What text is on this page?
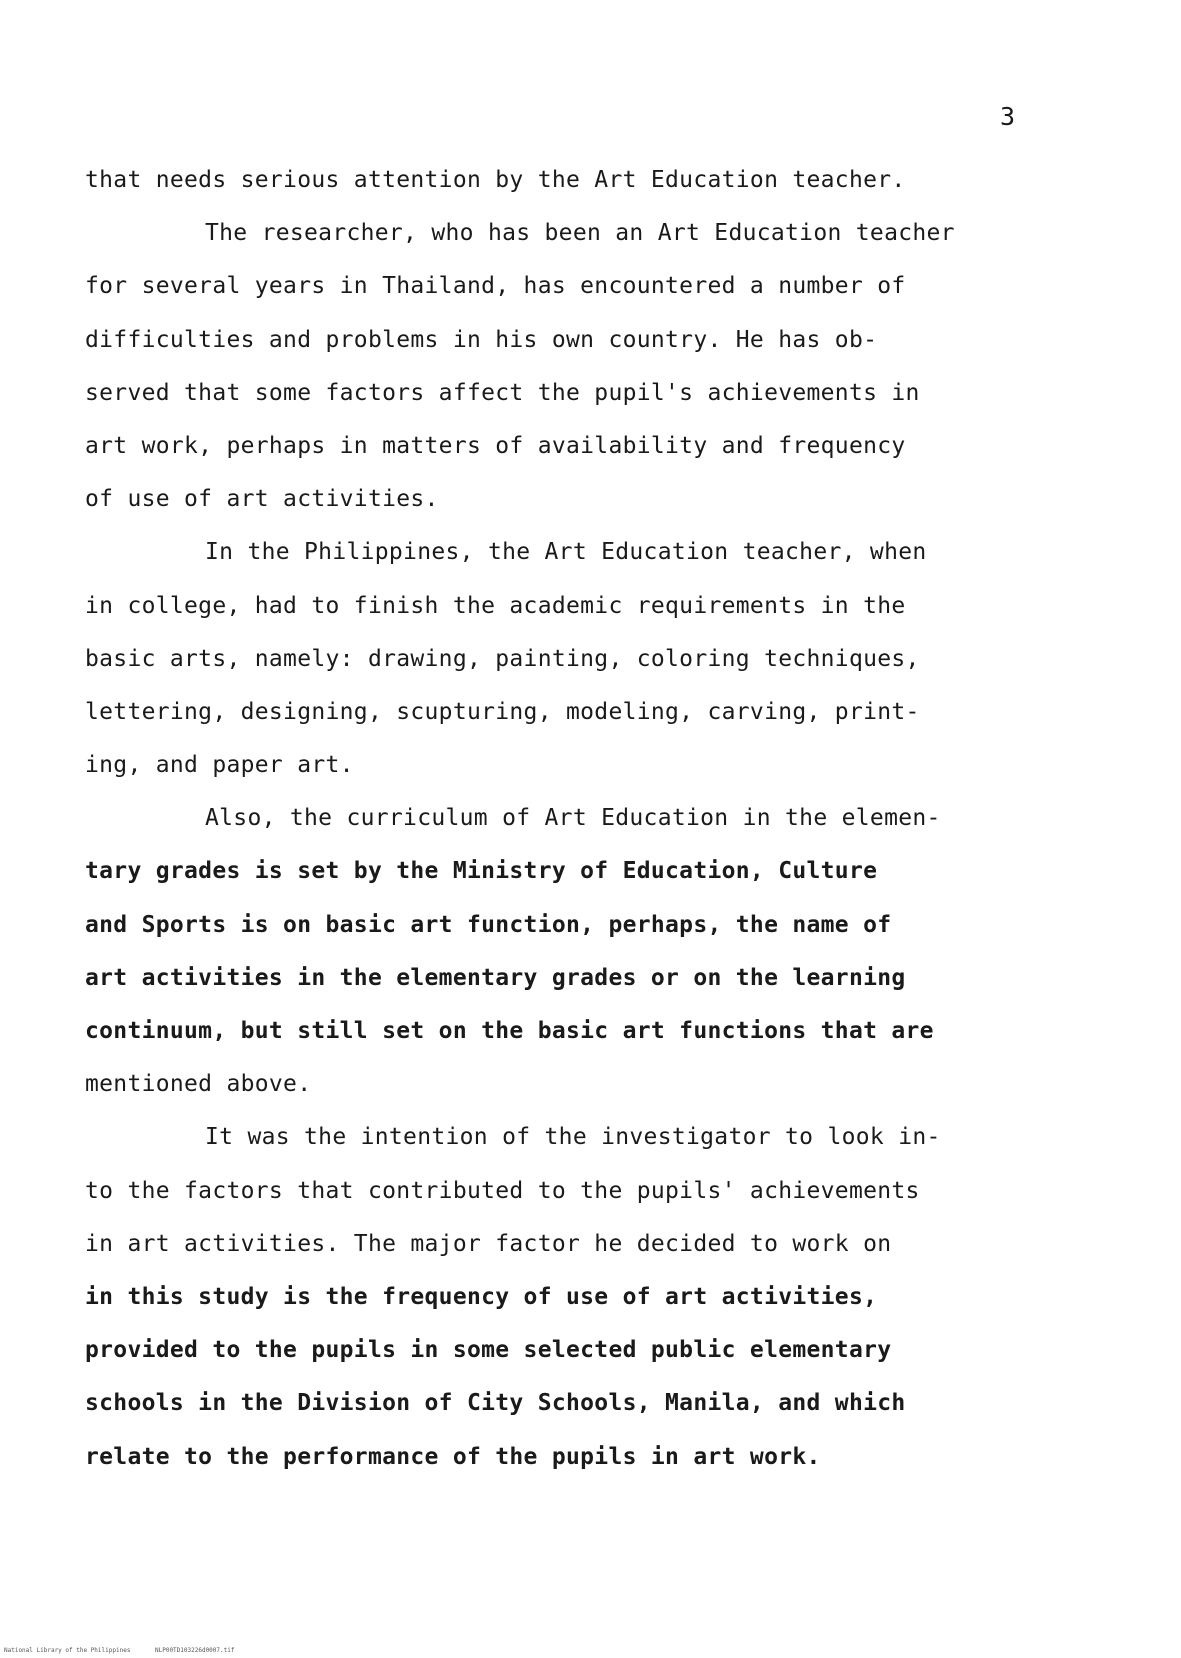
3
that needs serious attention by the Art Education teacher.
The researcher, who has been an Art Education teacher
for several years in Thailand, has encountered a number of
difficulties and problems in his own country. He has ob-
served that some factors affect the pupil's achievements in
art work, perhaps in matters of availability and frequency
of use of art activities.
In the Philippines, the Art Education teacher, when
in college, had to finish the academic requirements in the
basic arts, namely: drawing, painting, coloring techniques,
lettering, designing, scupturing, modeling, carving, print-
ing, and paper art.
Also, the curriculum of Art Education in the elemen-
tary grades is set by the Ministry of Education, Culture
and Sports is on basic art function, perhaps, the name of
art activities in the elementary grades or on the learning
continuum, but still set on the basic art functions that are
mentioned above.
It was the intention of the investigator to look in-
to the factors that contributed to the pupils' achievements
in art activities. The major factor he decided to work on
in this study is the frequency of use of art activities,
provided to the pupils in some selected public elementary
schools in the Division of City Schools, Manila, and which
relate to the performance of the pupils in art work.
National Library of the Philippines	NLP00TD103226d0007.tif
